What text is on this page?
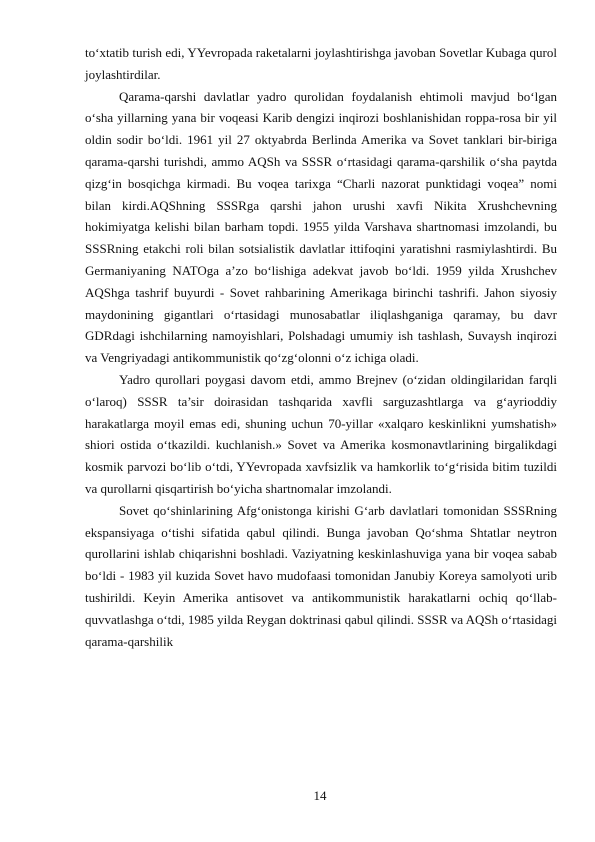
to‘xtatib turish edi, YYevropada raketalarni joylashtirishga javoban Sovetlar Kubaga qurol joylashtirdilar.

Qarama-qarshi davlatlar yadro qurolidan foydalanish ehtimoli mavjud bo‘lgan o‘sha yillarning yana bir voqeasi Karib dengizi inqirozi boshlanishidan roppa-rosa bir yil oldin sodir bo‘ldi. 1961 yil 27 oktyabrda Berlinda Amerika va Sovet tanklari bir-biriga qarama-qarshi turishdi, ammo AQSh va SSSR o‘rtasidagi qarama-qarshilik o‘sha paytda qizg‘in bosqichga kirmadi. Bu voqea tarixga “Charli nazorat punktidagi voqea” nomi bilan kirdi.AQShning SSSRga qarshi jahon urushi xavfi Nikita Xrushchevning hokimiyatga kelishi bilan barham topdi. 1955 yilda Varshava shartnomasi imzolandi, bu SSSRning etakchi roli bilan sotsialistik davlatlar ittifoqini yaratishni rasmiylashtirdi. Bu Germaniyaning NATOga a’zo bo‘lishiga adekvat javob bo‘ldi. 1959 yilda Xrushchev AQShga tashrif buyurdi - Sovet rahbarining Amerikaga birinchi tashrifi. Jahon siyosiy maydonining gigantlari o‘rtasidagi munosabatlar iliqlashganiga qaramay, bu davr GDRdagi ishchilarning namoyishlari, Polshadagi umumiy ish tashlash, Suvaysh inqirozi va Vengriyadagi antikommunistik qo‘zg‘olonni o‘z ichiga oladi.

Yadro qurollari poygasi davom etdi, ammo Brejnev (o‘zidan oldingilaridan farqli o‘laroq) SSSR ta’sir doirasidan tashqarida xavfli sarguzashtlarga va g‘ayrioddiy harakatlarga moyil emas edi, shuning uchun 70-yillar «xalqaro keskinlikni yumshatish» shiori ostida o‘tkazildi. kuchlanish.» Sovet va Amerika kosmonavtlarining birgalikdagi kosmik parvozi bo‘lib o‘tdi, YYevropada xavfsizlik va hamkorlik to‘g‘risida bitim tuzildi va qurollarni qisqartirish bo‘yicha shartnomalar imzolandi.

Sovet qo‘shinlarining Afg‘onistonga kirishi G‘arb davlatlari tomonidan SSSRning ekspansiyaga o‘tishi sifatida qabul qilindi. Bunga javoban Qo‘shma Shtatlar neytron qurollarini ishlab chiqarishni boshladi. Vaziyatning keskinlashuviga yana bir voqea sabab bo‘ldi - 1983 yil kuzida Sovet havo mudofaasi tomonidan Janubiy Koreya samolyoti urib tushirildi. Keyin Amerika antisovet va antikommunistik harakatlarni ochiq qo‘llab-quvvatlashga o‘tdi, 1985 yilda Reygan doktrinasi qabul qilindi. SSSR va AQSh o‘rtasidagi qarama-qarshilik

14
